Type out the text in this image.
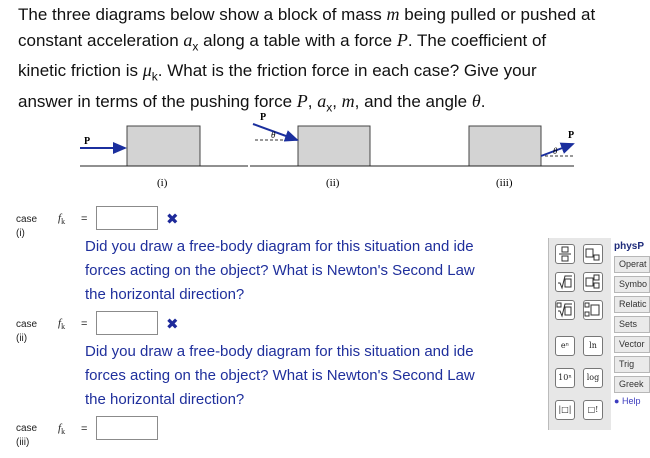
The three diagrams below show a block of mass m being pulled or pushed at
constant acceleration $a_x$ along a table with a force P. The coefficient of
kinetic friction is $\mu_k$. What is the friction force in each case? Give your
answer in terms of the pushing force P, $a_x$, m, and the angle θ.
P
(i)
P
θ
(ii)
P
θ
(iii)
case
(i)
$f_k$ =	✖
Did you draw a free-body diagram for this situation and ide
forces acting on the object? What is Newton's Second Law
the horizontal direction?
case
(ii)
$f_k$ =	✖
Did you draw a free-body diagram for this situation and ide
forces acting on the object? What is Newton's Second Law
the horizontal direction?
case
(iii)
$f_k$ =
eⁿ	ln
10ⁿ	log
|□|	□!
physP
Operat
Symbo
Relatic
Sets
Vector
Trig
Greek
● Help
